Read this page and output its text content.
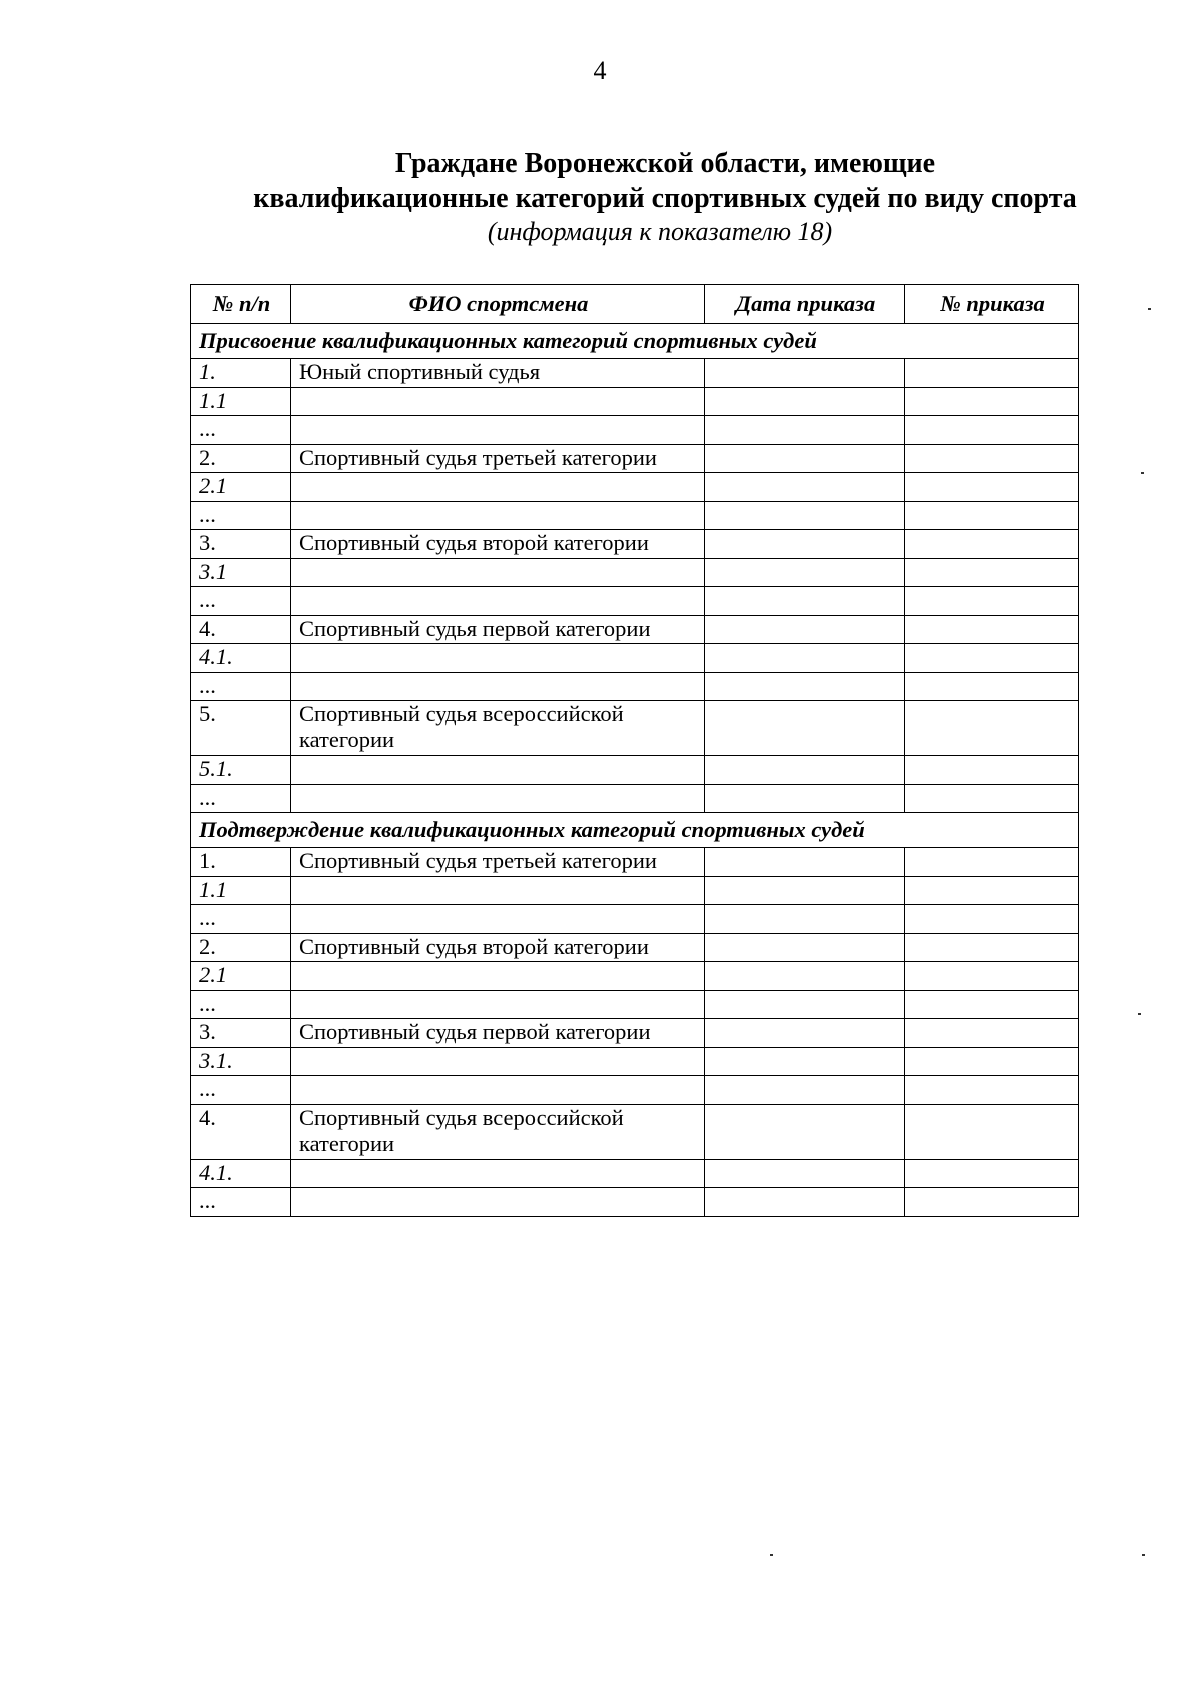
4
Граждане Воронежской области, имеющие
квалификационные категорий спортивных судей по виду спорта
(информация к показателю 18)
№ п/п	ФИО спортсмена	Дата приказа	№ приказа
Присвоение квалификационных категорий спортивных судей			
1.	Юный спортивный судья		
1.1			
...			
2.	Спортивный судья третьей категории		
2.1			
...			
3.	Спортивный судья второй категории		
3.1			
...			
4.	Спортивный судья первой категории		
4.1.			
...			
5.	Спортивный судья всероссийской категории		
5.1.			
...			
Подтверждение квалификационных категорий спортивных судей			
1.	Спортивный судья третьей категории		
1.1			
...			
2.	Спортивный судья второй категории		
2.1			
...			
3.	Спортивный судья первой категории		
3.1.			
...			
4.	Спортивный судья всероссийской категории		
4.1.			
...			
